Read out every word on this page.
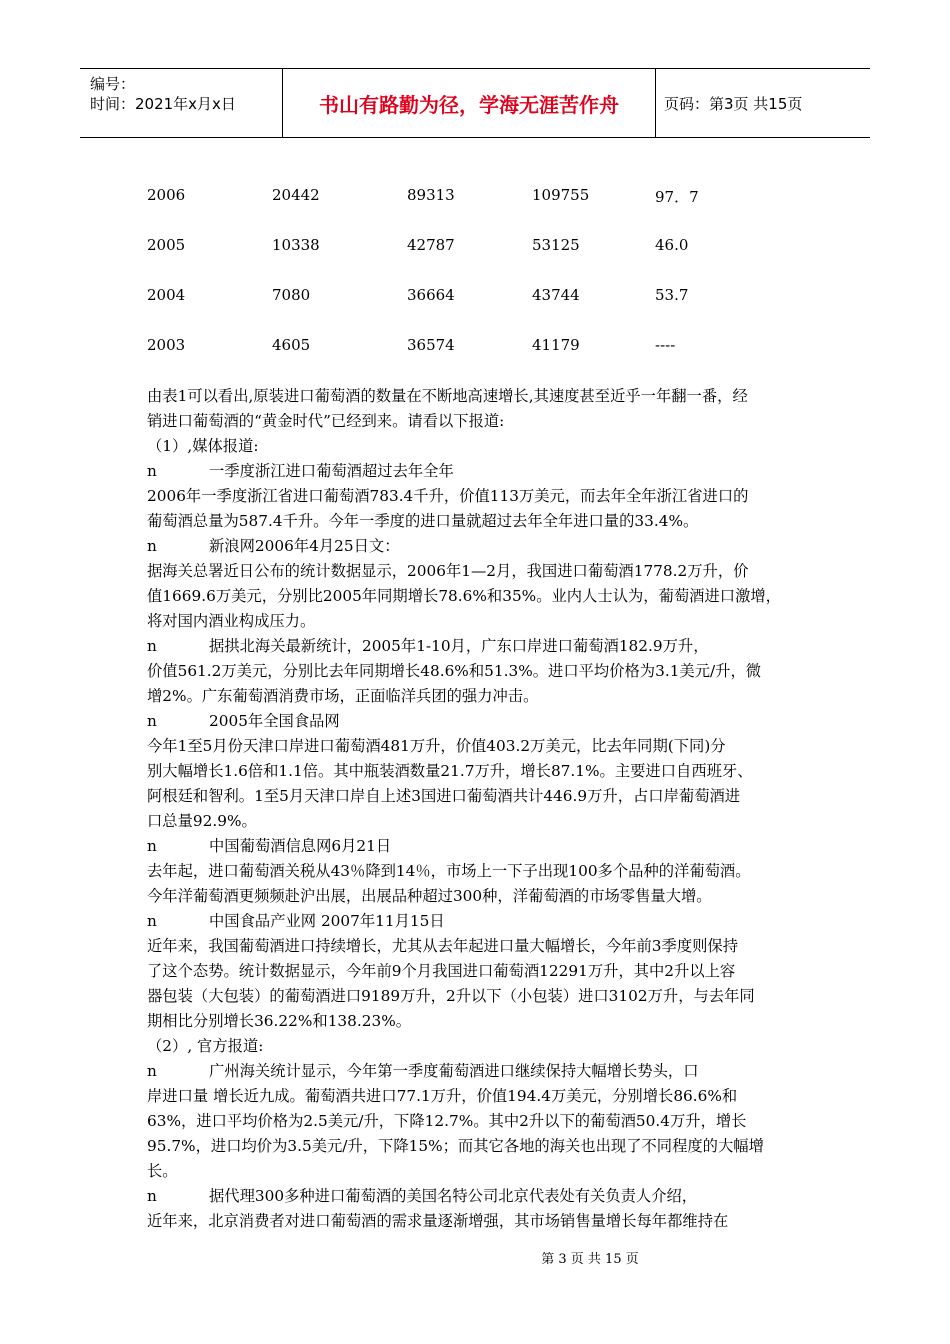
编号：
时间：2021年x月x日	书山有路勤为径，学海无涯苦作舟	页码：第3页 共15页
2006	20442	89313	109755	97．7
2005	10338	42787	53125	46.0
2004	7080	36664	43744	53.7
2003	4605	36574	41179	----

由表1可以看出,原装进口葡萄酒的数量在不断地高速增长,其速度甚至近乎一年翻一番，经

销进口葡萄酒的“黄金时代”已经到来。请看以下报道:

（1）,媒体报道:

n	一季度浙江进口葡萄酒超过去年全年

2006年一季度浙江省进口葡萄酒783.4千升，价值113万美元，而去年全年浙江省进口的

葡萄酒总量为587.4千升。今年一季度的进口量就超过去年全年进口量的33.4%。

n	新浪网2006年4月25日文：

据海关总署近日公布的统计数据显示，2006年1—2月，我国进口葡萄酒1778.2万升，价

值1669.6万美元，分别比2005年同期增长78.6%和35%。业内人士认为，葡萄酒进口激增，

将对国内酒业构成压力。

n	据拱北海关最新统计，2005年1-10月，广东口岸进口葡萄酒182.9万升，

价值561.2万美元，分别比去年同期增长48.6%和51.3%。进口平均价格为3.1美元/升，微

增2%。广东葡萄酒消费市场，正面临洋兵团的强力冲击。

n	2005年全国食品网

今年1至5月份天津口岸进口葡萄酒481万升，价值403.2万美元，比去年同期(下同)分

别大幅增长1.6倍和1.1倍。其中瓶装酒数量21.7万升，增长87.1%。主要进口自西班牙、

阿根廷和智利。1至5月天津口岸自上述3国进口葡萄酒共计446.9万升，占口岸葡萄酒进

口总量92.9%。

n	中国葡萄酒信息网6月21日

去年起，进口葡萄酒关税从43％降到14％，市场上一下子出现100多个品种的洋葡萄酒。

今年洋葡萄酒更频频赴沪出展，出展品种超过300种，洋葡萄酒的市场零售量大增。

n	中国食品产业网 2007年11月15日

近年来，我国葡萄酒进口持续增长，尤其从去年起进口量大幅增长，今年前3季度则保持

了这个态势。统计数据显示，今年前9个月我国进口葡萄酒12291万升，其中2升以上容

器包装（大包装）的葡萄酒进口9189万升，2升以下（小包装）进口3102万升，与去年同

期相比分别增长36.22%和138.23%。

（2）, 官方报道:

n	广州海关统计显示，今年第一季度葡萄酒进口继续保持大幅增长势头，口

岸进口量 增长近九成。葡萄酒共进口77.1万升，价值194.4万美元，分别增长86.6%和

63%，进口平均价格为2.5美元/升，下降12.7%。其中2升以下的葡萄酒50.4万升，增长

95.7%，进口均价为3.5美元/升，下降15%；而其它各地的海关也出现了不同程度的大幅增

长。

n	据代理300多种进口葡萄酒的美国名特公司北京代表处有关负责人介绍，

近年来，北京消费者对进口葡萄酒的需求量逐渐增强，其市场销售量增长每年都维持在

第 3 页 共 15 页
